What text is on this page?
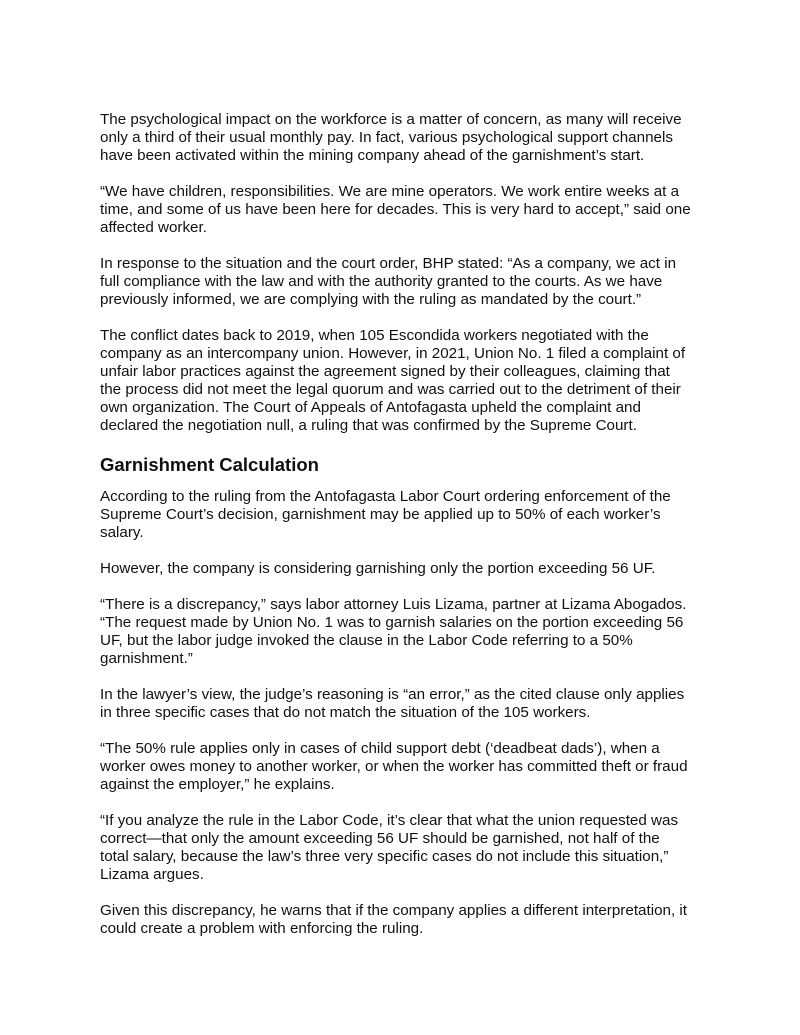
The psychological impact on the workforce is a matter of concern, as many will receive
only a third of their usual monthly pay. In fact, various psychological support channels
have been activated within the mining company ahead of the garnishment’s start.

“We have children, responsibilities. We are mine operators. We work entire weeks at a
time, and some of us have been here for decades. This is very hard to accept,” said one
affected worker.

In response to the situation and the court order, BHP stated: “As a company, we act in
full compliance with the law and with the authority granted to the courts. As we have
previously informed, we are complying with the ruling as mandated by the court.”

The conflict dates back to 2019, when 105 Escondida workers negotiated with the
company as an intercompany union. However, in 2021, Union No. 1 filed a complaint of
unfair labor practices against the agreement signed by their colleagues, claiming that
the process did not meet the legal quorum and was carried out to the detriment of their
own organization. The Court of Appeals of Antofagasta upheld the complaint and
declared the negotiation null, a ruling that was confirmed by the Supreme Court.

Garnishment Calculation

According to the ruling from the Antofagasta Labor Court ordering enforcement of the
Supreme Court’s decision, garnishment may be applied up to 50% of each worker’s
salary.

However, the company is considering garnishing only the portion exceeding 56 UF.

“There is a discrepancy,” says labor attorney Luis Lizama, partner at Lizama Abogados.
“The request made by Union No. 1 was to garnish salaries on the portion exceeding 56
UF, but the labor judge invoked the clause in the Labor Code referring to a 50%
garnishment.”

In the lawyer’s view, the judge’s reasoning is “an error,” as the cited clause only applies
in three specific cases that do not match the situation of the 105 workers.

“The 50% rule applies only in cases of child support debt (‘deadbeat dads’), when a
worker owes money to another worker, or when the worker has committed theft or fraud
against the employer,” he explains.

“If you analyze the rule in the Labor Code, it’s clear that what the union requested was
correct—that only the amount exceeding 56 UF should be garnished, not half of the
total salary, because the law’s three very specific cases do not include this situation,”
Lizama argues.

Given this discrepancy, he warns that if the company applies a different interpretation, it
could create a problem with enforcing the ruling.
